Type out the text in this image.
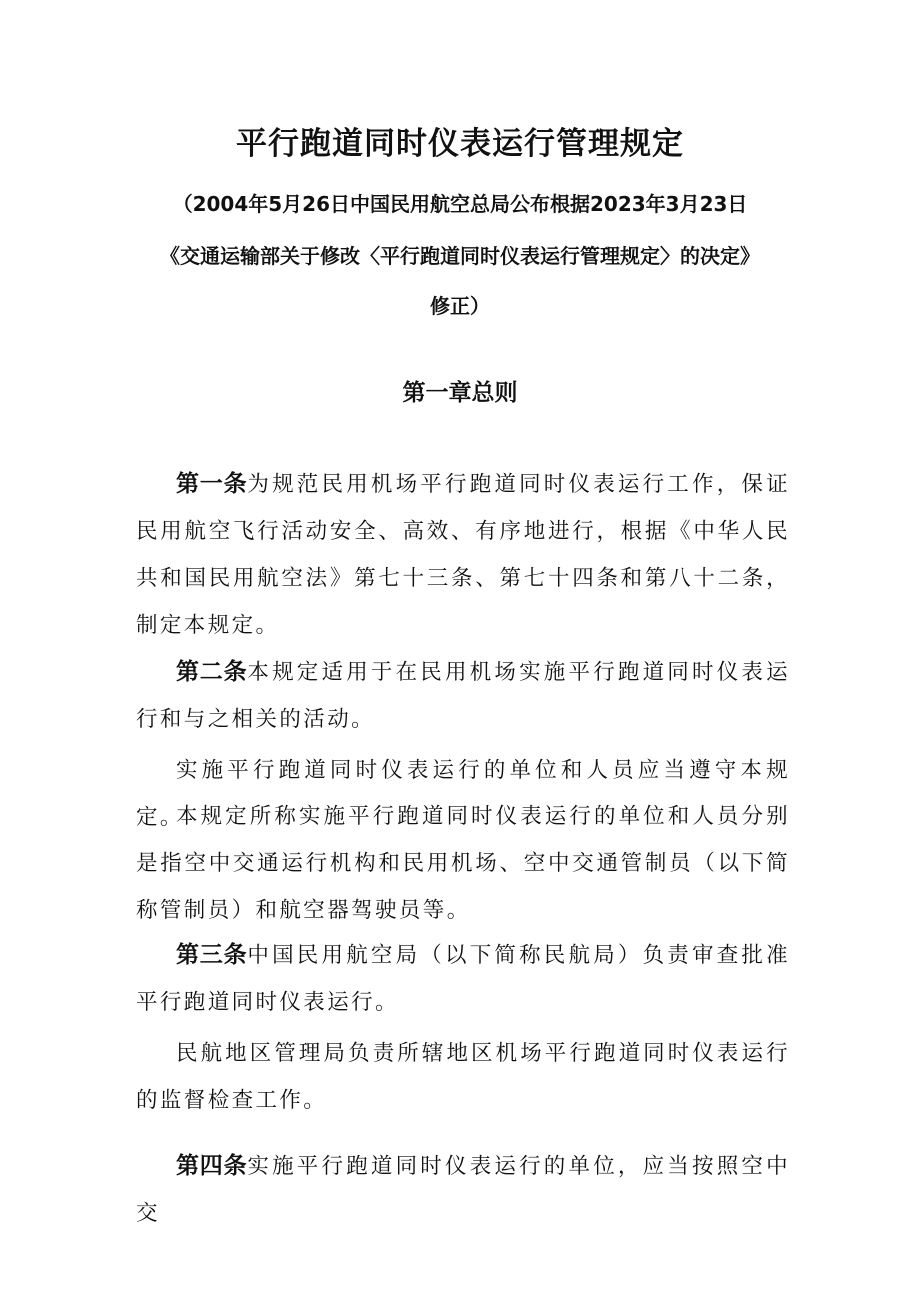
平行跑道同时仪表运行管理规定
（2004年5月26日中国民用航空总局公布根据2023年3月23日
《交通运输部关于修改〈平行跑道同时仪表运行管理规定〉的决定》
修正）
第一章总则
第一条为规范民用机场平行跑道同时仪表运行工作，保证民用航空飞行活动安全、高效、有序地进行，根据《中华人民共和国民用航空法》第七十三条、第七十四条和第八十二条，制定本规定。
第二条本规定适用于在民用机场实施平行跑道同时仪表运行和与之相关的活动。
实施平行跑道同时仪表运行的单位和人员应当遵守本规定。
本规定所称实施平行跑道同时仪表运行的单位和人员分别是指空中交通运行机构和民用机场、空中交通管制员（以下简称管制员）和航空器驾驶员等。
第三条中国民用航空局（以下简称民航局）负责审查批准平行跑道同时仪表运行。
民航地区管理局负责所辖地区机场平行跑道同时仪表运行的监督检查工作。
第四条实施平行跑道同时仪表运行的单位，应当按照空中交
